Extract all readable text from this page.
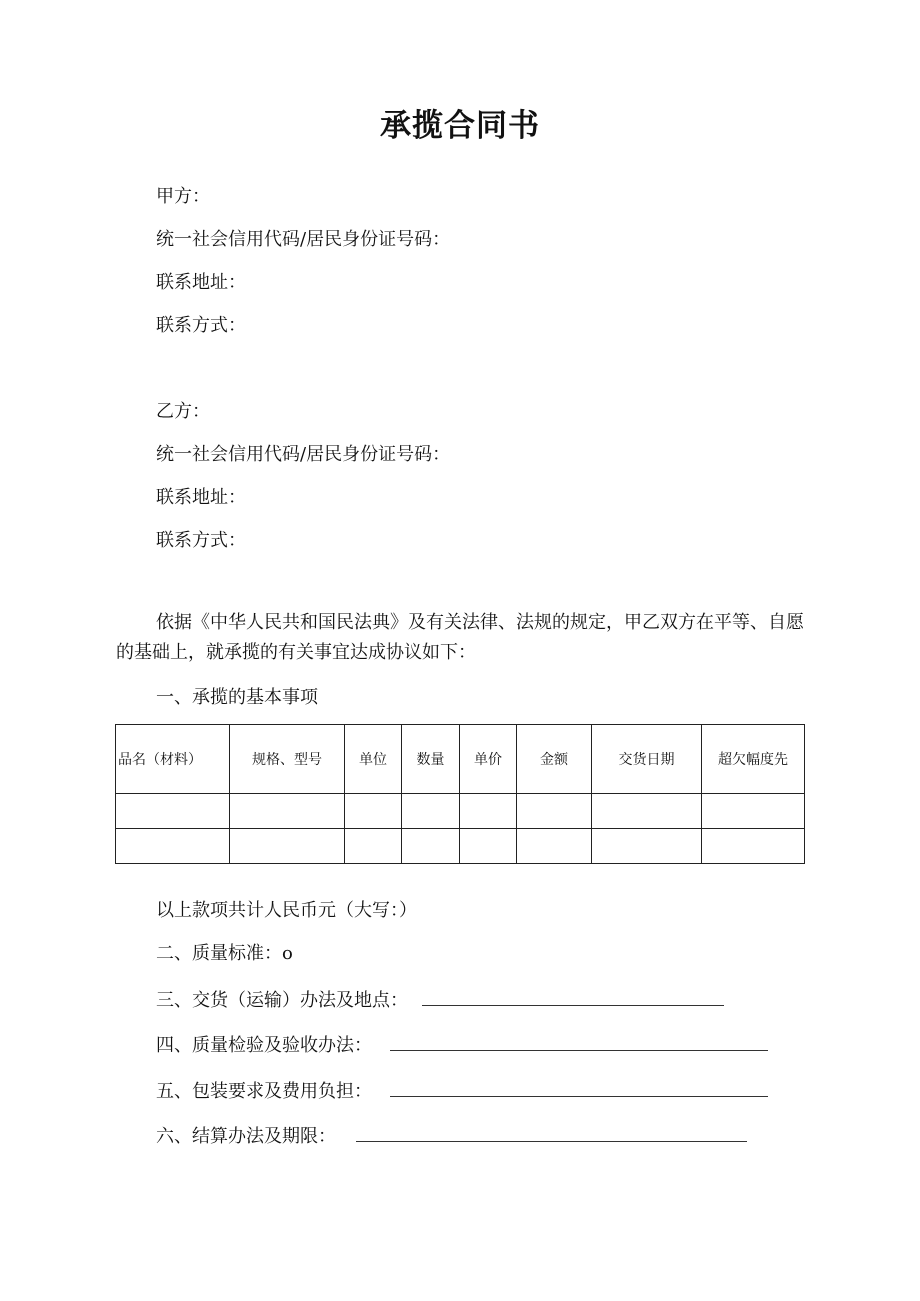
承揽合同书
甲方：
统一社会信用代码/居民身份证号码：
联系地址：
联系方式：
乙方：
统一社会信用代码/居民身份证号码：
联系地址：
联系方式：
依据《中华人民共和国民法典》及有关法律、法规的规定，甲乙双方在平等、自愿的基础上，就承揽的有关事宜达成协议如下：
一、承揽的基本事项
品名（材料）	规格、型号	单位	数量	单价	金额	交货日期	超欠幅度先

以上款项共计人民币元（大写：）
二、质量标准：o
三、交货（运输）办法及地点：
四、质量检验及验收办法：
五、包装要求及费用负担：
六、结算办法及期限：
